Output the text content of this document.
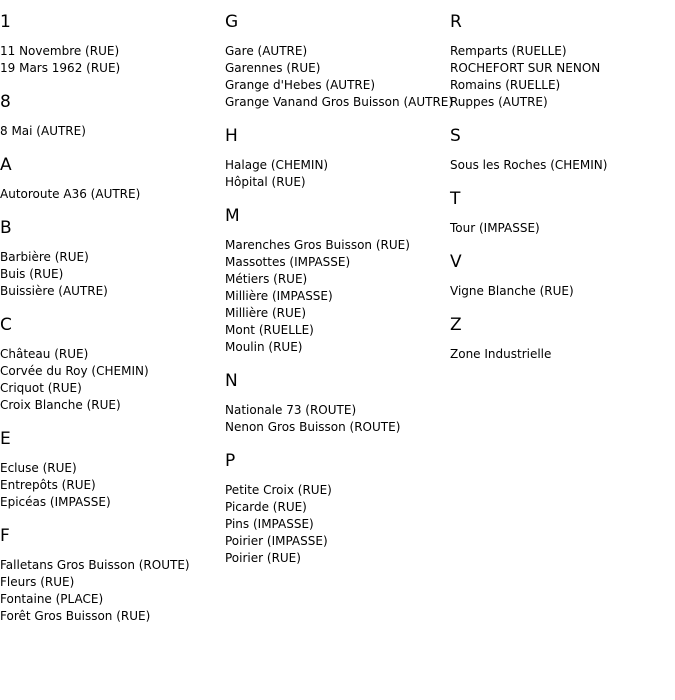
1
11 Novembre (RUE)
19 Mars 1962 (RUE)
8
8 Mai (AUTRE)
A
Autoroute A36 (AUTRE)
B
Barbière (RUE)
Buis (RUE)
Buissière (AUTRE)
C
Château (RUE)
Corvée du Roy (CHEMIN)
Criquot (RUE)
Croix Blanche (RUE)
E
Ecluse (RUE)
Entrepôts (RUE)
Epicéas (IMPASSE)
F
Falletans Gros Buisson (ROUTE)
Fleurs (RUE)
Fontaine (PLACE)
Forêt Gros Buisson (RUE)
G
Gare (AUTRE)
Garennes (RUE)
Grange d'Hebes (AUTRE)
Grange Vanand Gros Buisson (AUTRE)
H
Halage (CHEMIN)
Hôpital (RUE)
M
Marenches Gros Buisson (RUE)
Massottes (IMPASSE)
Métiers (RUE)
Millière (IMPASSE)
Millière (RUE)
Mont (RUELLE)
Moulin (RUE)
N
Nationale 73 (ROUTE)
Nenon Gros Buisson (ROUTE)
P
Petite Croix (RUE)
Picarde (RUE)
Pins (IMPASSE)
Poirier (IMPASSE)
Poirier (RUE)
R
Remparts (RUELLE)
ROCHEFORT SUR NENON
Romains (RUELLE)
Ruppes (AUTRE)
S
Sous les Roches (CHEMIN)
T
Tour (IMPASSE)
V
Vigne Blanche (RUE)
Z
Zone Industrielle
